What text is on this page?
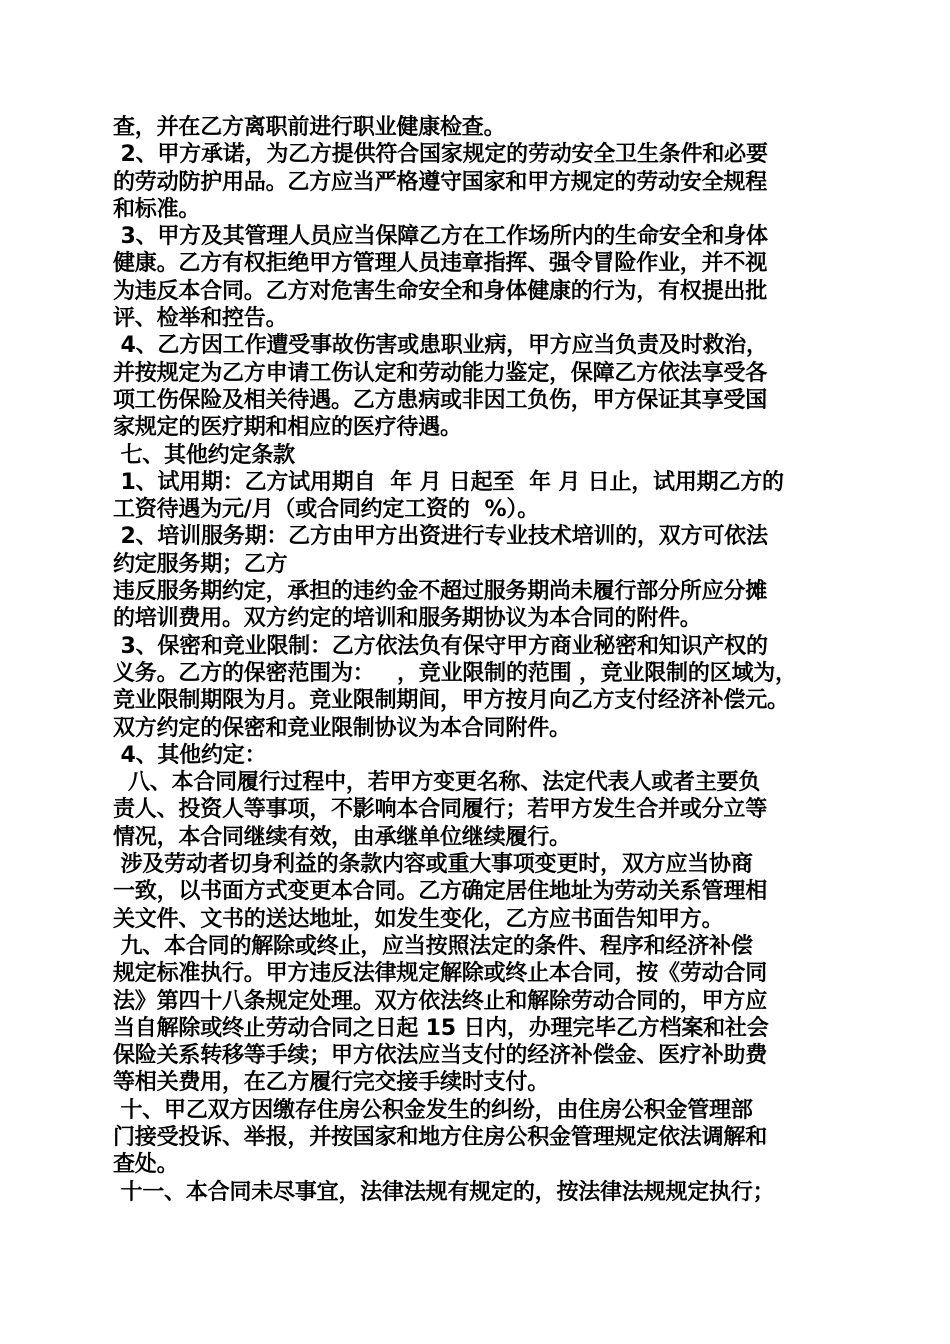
查，并在乙方离职前进行职业健康检查。
2、甲方承诺，为乙方提供符合国家规定的劳动安全卫生条件和必要
的劳动防护用品。乙方应当严格遵守国家和甲方规定的劳动安全规程
和标准。
3、甲方及其管理人员应当保障乙方在工作场所内的生命安全和身体
健康。乙方有权拒绝甲方管理人员违章指挥、强令冒险作业，并不视
为违反本合同。乙方对危害生命安全和身体健康的行为，有权提出批
评、检举和控告。
4、乙方因工作遭受事故伤害或患职业病，甲方应当负责及时救治，
并按规定为乙方申请工伤认定和劳动能力鉴定，保障乙方依法享受各
项工伤保险及相关待遇。乙方患病或非因工负伤，甲方保证其享受国
家规定的医疗期和相应的医疗待遇。
七、其他约定条款
1、试用期：乙方试用期自  年 月 日起至  年 月 日止，试用期乙方的
工资待遇为元/月（或合同约定工资的  %）。
2、培训服务期：乙方由甲方出资进行专业技术培训的，双方可依法
约定服务期；乙方
违反服务期约定，承担的违约金不超过服务期尚未履行部分所应分摊
的培训费用。双方约定的培训和服务期协议为本合同的附件。
3、保密和竞业限制：乙方依法负有保守甲方商业秘密和知识产权的
义务。乙方的保密范围为：   ，竞业限制的范围 ，竞业限制的区域为，
竞业限制期限为月。竞业限制期间，甲方按月向乙方支付经济补偿元。
双方约定的保密和竞业限制协议为本合同附件。
4、其他约定：
八、本合同履行过程中，若甲方变更名称、法定代表人或者主要负
责人、投资人等事项，不影响本合同履行；若甲方发生合并或分立等
情况，本合同继续有效，由承继单位继续履行。
涉及劳动者切身利益的条款内容或重大事项变更时，双方应当协商
一致，以书面方式变更本合同。乙方确定居住地址为劳动关系管理相
关文件、文书的送达地址，如发生变化，乙方应书面告知甲方。
九、本合同的解除或终止，应当按照法定的条件、程序和经济补偿
规定标准执行。甲方违反法律规定解除或终止本合同，按《劳动合同
法》第四十八条规定处理。双方依法终止和解除劳动合同的，甲方应
当自解除或终止劳动合同之日起 15 日内，办理完毕乙方档案和社会
保险关系转移等手续；甲方依法应当支付的经济补偿金、医疗补助费
等相关费用，在乙方履行完交接手续时支付。
十、甲乙双方因缴存住房公积金发生的纠纷，由住房公积金管理部
门接受投诉、举报，并按国家和地方住房公积金管理规定依法调解和
查处。
十一、本合同未尽事宜，法律法规有规定的，按法律法规规定执行；
